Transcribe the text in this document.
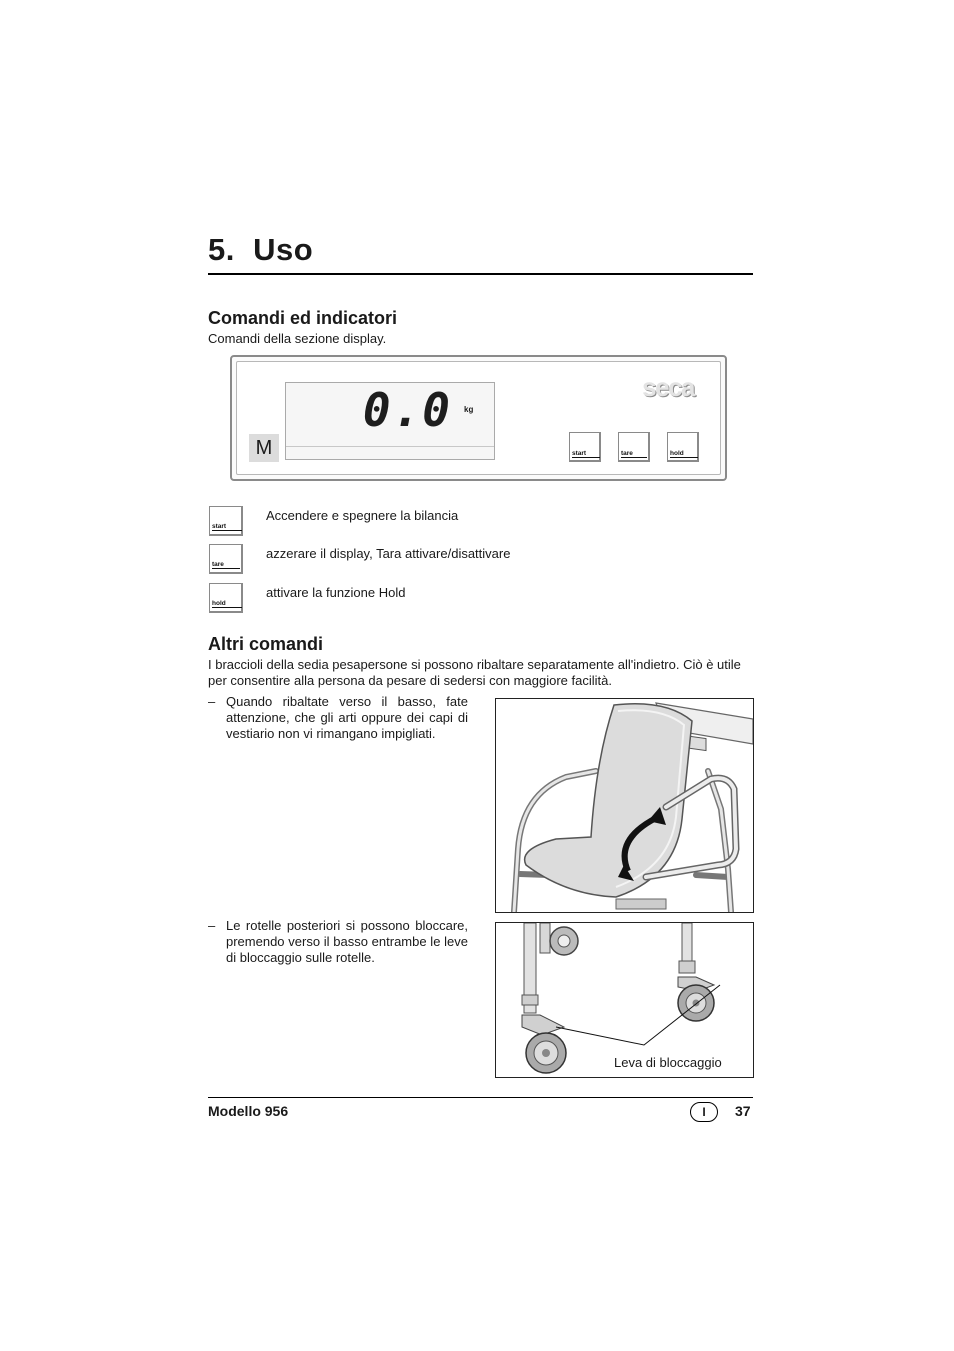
5.  Uso
Comandi ed indicatori
Comandi della sezione display.
M
0.0 kg
seca
start	tare	hold
start
Accendere e spegnere la bilancia
tare
azzerare il display, Tara attivare/disattivare
hold
attivare la funzione Hold
Altri comandi
I braccioli della sedia pesapersone si possono ribaltare separatamente all'indietro. Ciò è utile per consentire alla persona da pesare di sedersi con maggiore facilità.
– Quando ribaltate verso il basso, fate attenzione, che gli arti oppure dei capi di vestiario non vi rimangano impigliati.
– Le rotelle posteriori si possono bloccare, premendo verso il basso entrambe le leve di bloccaggio sulle rotelle.
Leva di bloccaggio
Modello 956	I	37
